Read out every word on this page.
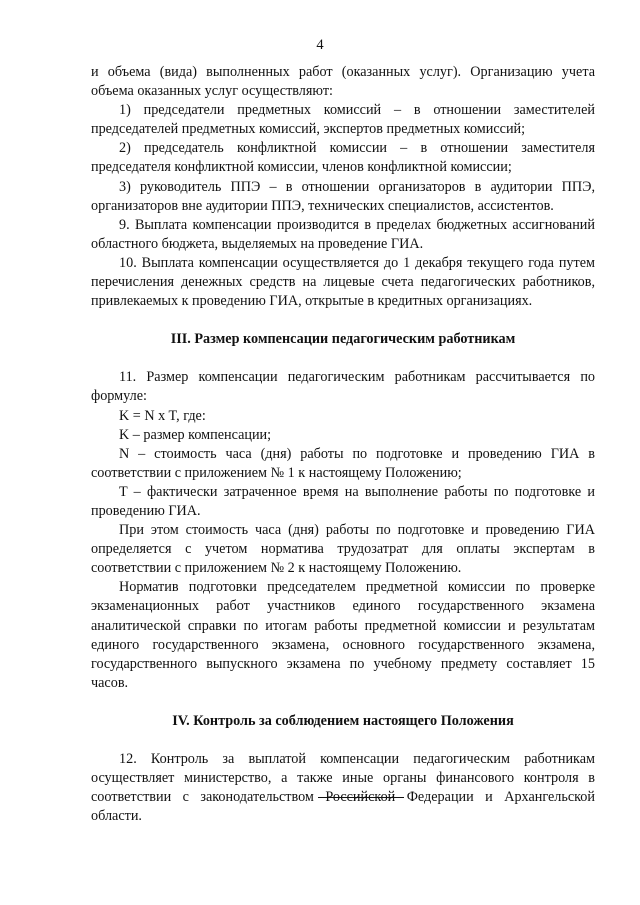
4

и объема (вида) выполненных работ (оказанных услуг). Организацию учета объема оказанных услуг осуществляют:

1) председатели предметных комиссий – в отношении заместителей председателей предметных комиссий, экспертов предметных комиссий;

2) председатель конфликтной комиссии – в отношении заместителя председателя конфликтной комиссии, членов конфликтной комиссии;

3) руководитель ППЭ – в отношении организаторов в аудитории ППЭ, организаторов вне аудитории ППЭ, технических специалистов, ассистентов.

9. Выплата компенсации производится в пределах бюджетных ассигнований областного бюджета, выделяемых на проведение ГИА.

10. Выплата компенсации осуществляется до 1 декабря текущего года путем перечисления денежных средств на лицевые счета педагогических работников, привлекаемых к проведению ГИА, открытые в кредитных организациях.

III. Размер компенсации педагогическим работникам

11. Размер компенсации педагогическим работникам рассчитывается по формуле:

K = N x T, где:

K – размер компенсации;

N – стоимость часа (дня) работы по подготовке и проведению ГИА в соответствии с приложением № 1 к настоящему Положению;

T – фактически затраченное время на выполнение работы по подготовке и проведению ГИА.

При этом стоимость часа (дня) работы по подготовке и проведению ГИА определяется с учетом норматива трудозатрат для оплаты экспертам в соответствии с приложением № 2 к настоящему Положению.

Норматив подготовки председателем предметной комиссии по проверке экзаменационных работ участников единого государственного экзамена аналитической справки по итогам работы предметной комиссии и результатам единого государственного экзамена, основного государственного экзамена, государственного выпускного экзамена по учебному предмету составляет 15 часов.

IV. Контроль за соблюдением настоящего Положения

12. Контроль за выплатой компенсации педагогическим работникам осуществляет министерство, а также иные органы финансового контроля в соответствии с законодательством Российской Федерации и Архангельской области.
